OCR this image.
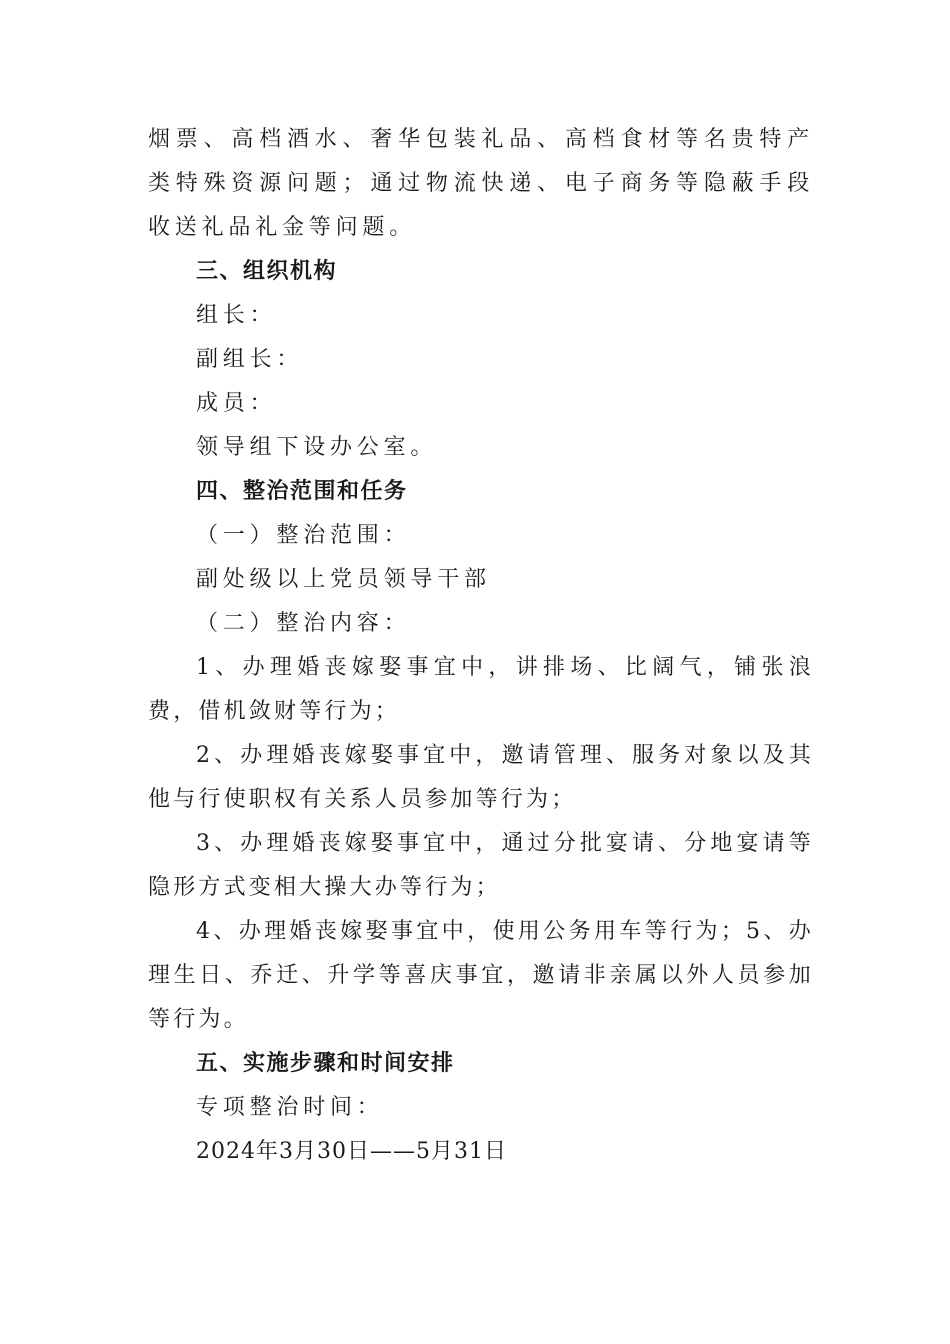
烟票、高档酒水、奢华包装礼品、高档食材等名贵特产类特殊资源问题；通过物流快递、电子商务等隐蔽手段收送礼品礼金等问题。

三、组织机构

组长：

副组长：

成员：

领导组下设办公室。

四、整治范围和任务

（一）整治范围：

副处级以上党员领导干部

（二）整治内容：

1、办理婚丧嫁娶事宜中，讲排场、比阔气，铺张浪费，借机敛财等行为；

2、办理婚丧嫁娶事宜中，邀请管理、服务对象以及其他与行使职权有关系人员参加等行为；

3、办理婚丧嫁娶事宜中，通过分批宴请、分地宴请等隐形方式变相大操大办等行为；

4、办理婚丧嫁娶事宜中，使用公务用车等行为；5、办理生日、乔迁、升学等喜庆事宜，邀请非亲属以外人员参加等行为。

五、实施步骤和时间安排

专项整治时间：

2024年3月30日——5月31日
